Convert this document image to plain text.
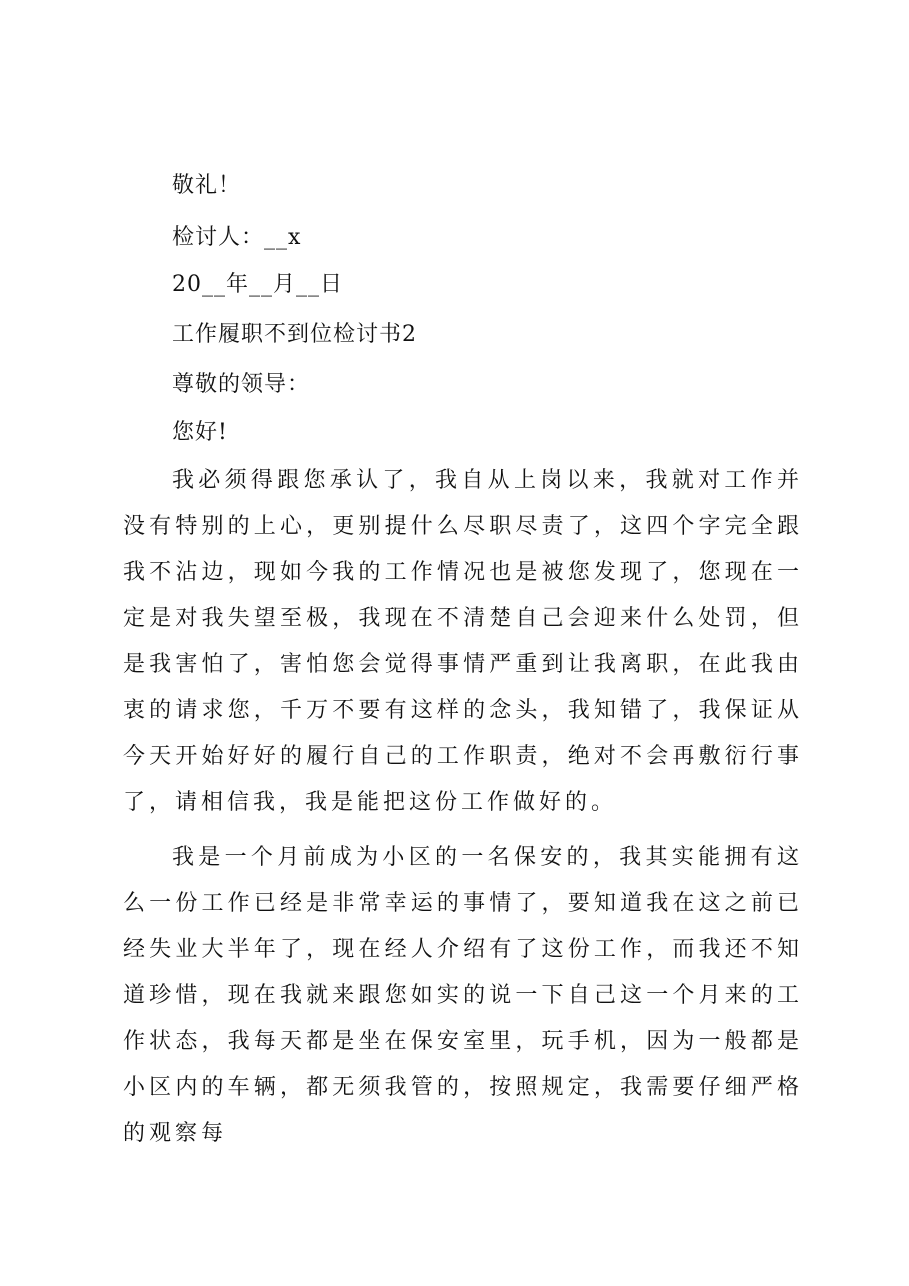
敬礼！
检讨人：__x
20__年__月__日
工作履职不到位检讨书2
尊敬的领导：
您好!

我必须得跟您承认了，我自从上岗以来，我就对工作并没有特别的上心，更别提什么尽职尽责了，这四个字完全跟我不沾边，现如今我的工作情况也是被您发现了，您现在一定是对我失望至极，我现在不清楚自己会迎来什么处罚，但是我害怕了，害怕您会觉得事情严重到让我离职，在此我由衷的请求您，千万不要有这样的念头，我知错了，我保证从今天开始好好的履行自己的工作职责，绝对不会再敷衍行事了，请相信我，我是能把这份工作做好的。

我是一个月前成为小区的一名保安的，我其实能拥有这么一份工作已经是非常幸运的事情了，要知道我在这之前已经失业大半年了，现在经人介绍有了这份工作，而我还不知道珍惜，现在我就来跟您如实的说一下自己这一个月来的工作状态，我每天都是坐在保安室里，玩手机，因为一般都是小区内的车辆，都无须我管的，按照规定，我需要仔细严格的观察每
